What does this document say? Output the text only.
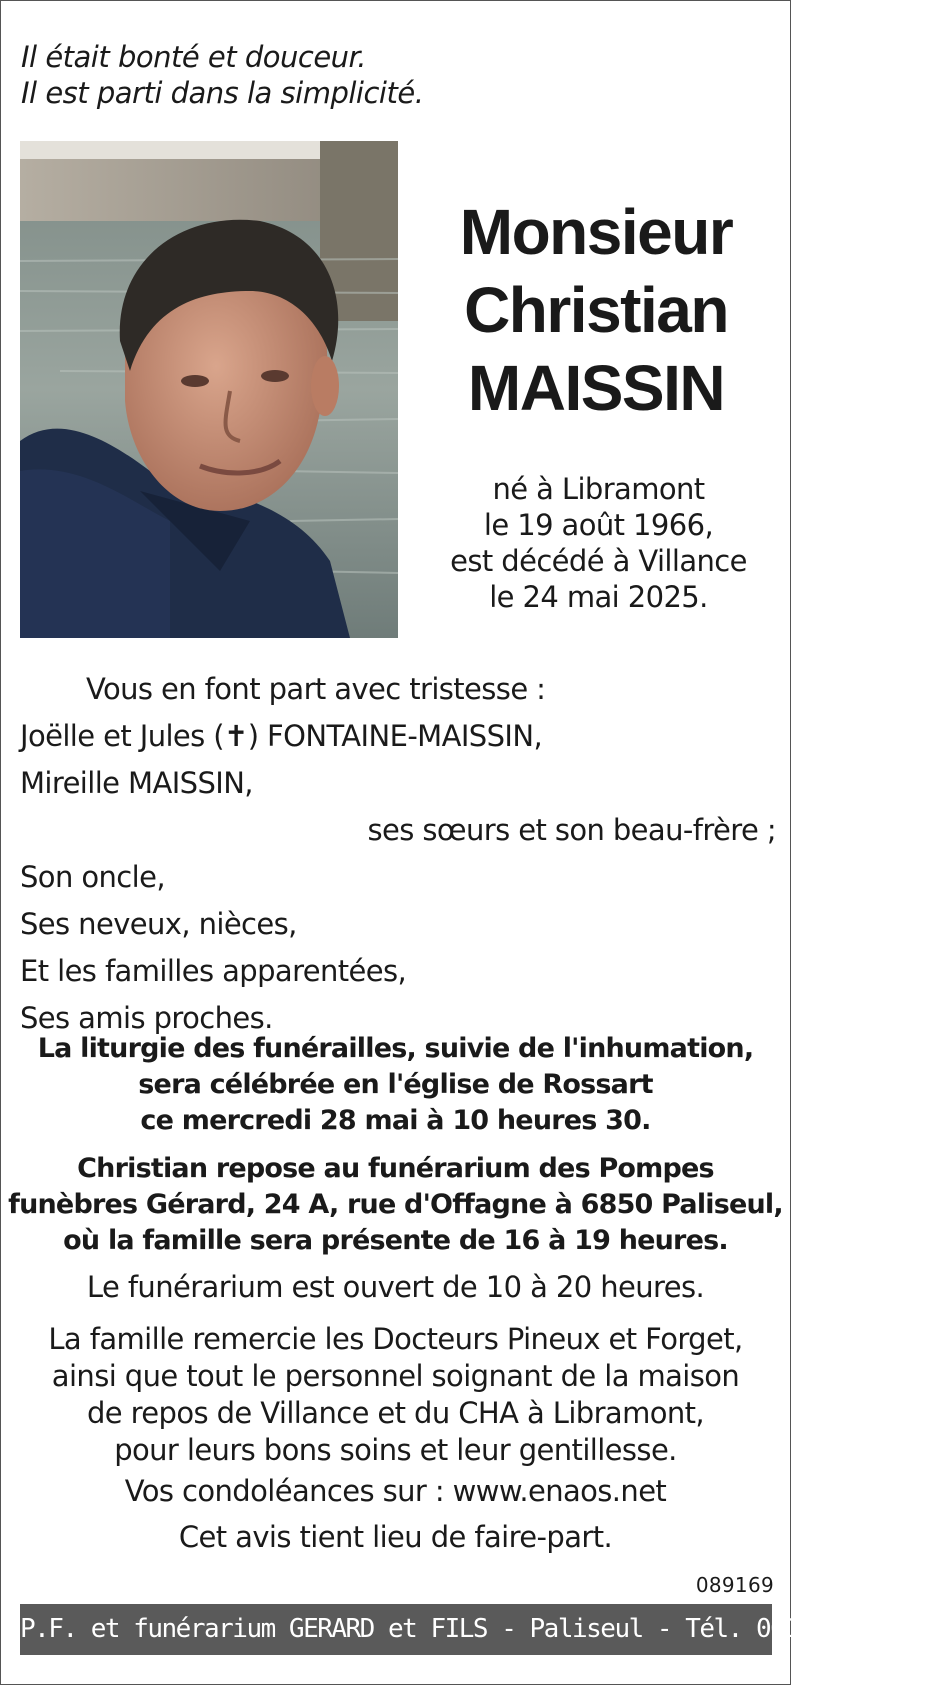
Il était bonté et douceur.
Il est parti dans la simplicité.
Monsieur
Christian
MAISSIN
né à Libramont
le 19 août 1966,
est décédé à Villance
le 24 mai 2025.
Vous en font part avec tristesse :
Joëlle et Jules (✝) FONTAINE-MAISSIN,
Mireille MAISSIN,
ses sœurs et son beau-frère ;
Son oncle,
Ses neveux, nièces,
Et les familles apparentées,
Ses amis proches.
La liturgie des funérailles, suivie de l'inhumation,
sera célébrée en l'église de Rossart
ce mercredi 28 mai à 10 heures 30.
Christian repose au funérarium des Pompes
funèbres Gérard, 24 A, rue d'Offagne à 6850 Paliseul,
où la famille sera présente de 16 à 19 heures.
Le funérarium est ouvert de 10 à 20 heures.
La famille remercie les Docteurs Pineux et Forget,
ainsi que tout le personnel soignant de la maison
de repos de Villance et du CHA à Libramont,
pour leurs bons soins et leur gentillesse.
Vos condoléances sur : www.enaos.net
Cet avis tient lieu de faire-part.
089169
P.F. et funérarium GERARD et FILS - Paliseul - Tél. 061 53 32 84
